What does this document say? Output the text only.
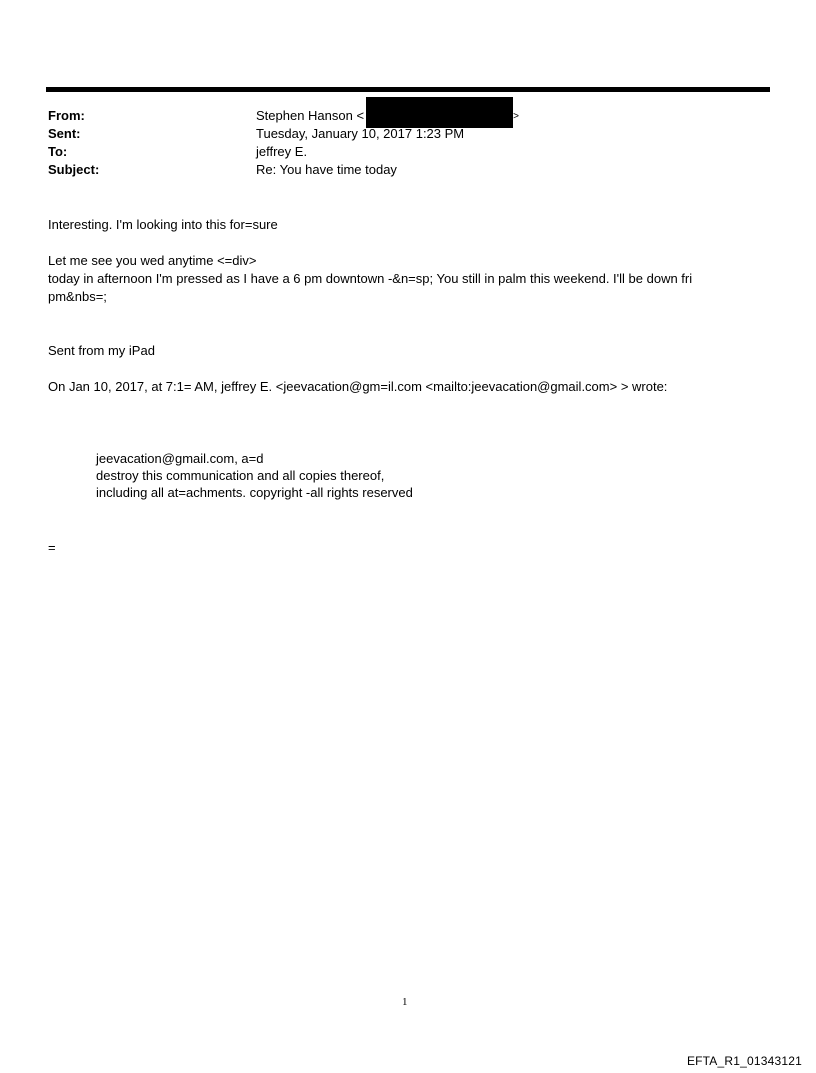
From:	Stephen Hanson <	>
Sent:	Tuesday, January 10, 2017 1:23 PM
To:	jeffrey E.
Subject:	Re: You have time today
Interesting. I'm looking into this for=sure
Let me see you wed anytime <=div>
today in afternoon I'm pressed as I have a 6 pm downtown -&n=sp; You still in palm this weekend. I'll be down fri
pm&nbs=;
Sent from my iPad
On Jan 10, 2017, at 7:1= AM, jeffrey E. <jeevacation@gm=il.com <mailto:jeevacation@gmail.com> > wrote:
jeevacation@gmail.com, a=d
destroy this communication and all copies thereof,
including all at=achments. copyright -all rights reserved
=
1
EFTA_R1_01343121
